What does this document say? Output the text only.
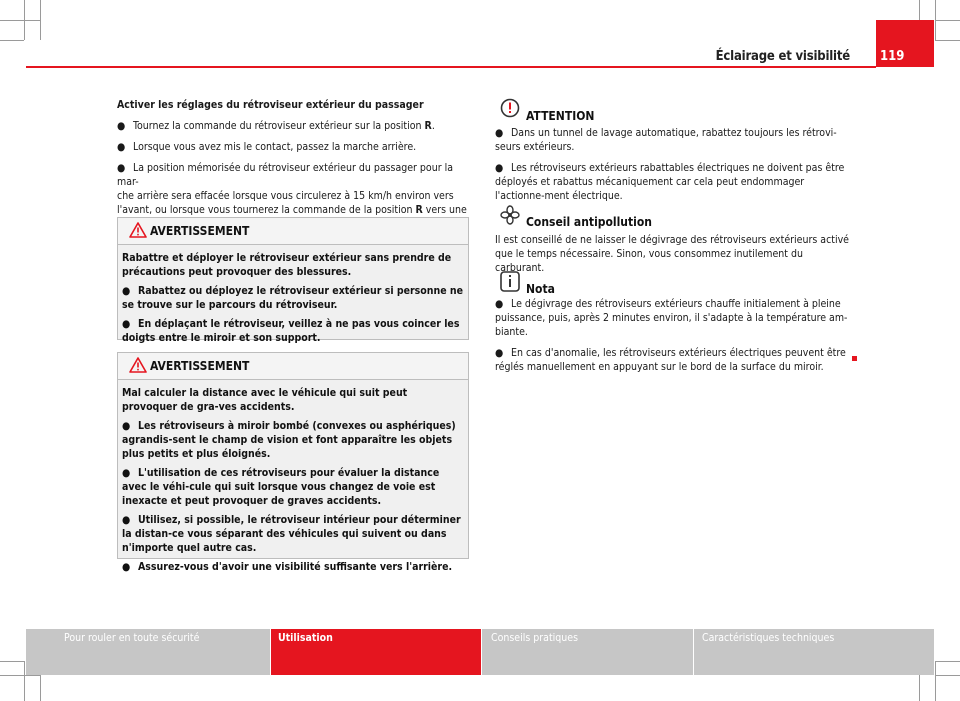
Éclairage et visibilité 119

Activer les réglages du rétroviseur extérieur du passager

● Tournez la commande du rétroviseur extérieur sur la position R.

● Lorsque vous avez mis le contact, passez la marche arrière.

● La position mémorisée du rétroviseur extérieur du passager pour la mar-
che arrière sera effacée lorsque vous circulerez à 15 km/h environ vers
l'avant, ou lorsque vous tournerez la commande de la position R vers une

AVERTISSEMENT

Rabattre et déployer le rétroviseur extérieur sans prendre de précautions peut provoquer des blessures.

● Rabattez ou déployez le rétroviseur extérieur si personne ne se trouve sur le parcours du rétroviseur.

● En déplaçant le rétroviseur, veillez à ne pas vous coincer les doigts entre le miroir et son support.

AVERTISSEMENT

Mal calculer la distance avec le véhicule qui suit peut provoquer de gra-ves accidents.

● Les rétroviseurs à miroir bombé (convexes ou asphériques) agrandis-sent le champ de vision et font apparaître les objets plus petits et plus éloignés.

● L'utilisation de ces rétroviseurs pour évaluer la distance avec le véhi-cule qui suit lorsque vous changez de voie est inexacte et peut provoquer de graves accidents.

● Utilisez, si possible, le rétroviseur intérieur pour déterminer la distan-ce vous séparant des véhicules qui suivent ou dans n'importe quel autre cas.

● Assurez-vous d'avoir une visibilité suffisante vers l'arrière.

ATTENTION

● Dans un tunnel de lavage automatique, rabattez toujours les rétrovi-seurs extérieurs.

● Les rétroviseurs extérieurs rabattables électriques ne doivent pas être déployés et rabattus mécaniquement car cela peut endommager l'actionne-ment électrique.

Conseil antipollution

Il est conseillé de ne laisser le dégivrage des rétroviseurs extérieurs activé que le temps nécessaire. Sinon, vous consommez inutilement du carburant.

Nota

● Le dégivrage des rétroviseurs extérieurs chauffe initialement à pleine puissance, puis, après 2 minutes environ, il s'adapte à la température am-biante.

● En cas d'anomalie, les rétroviseurs extérieurs électriques peuvent être réglés manuellement en appuyant sur le bord de la surface du miroir.

Pour rouler en toute sécurité	Utilisation	Conseils pratiques	Caractéristiques techniques
